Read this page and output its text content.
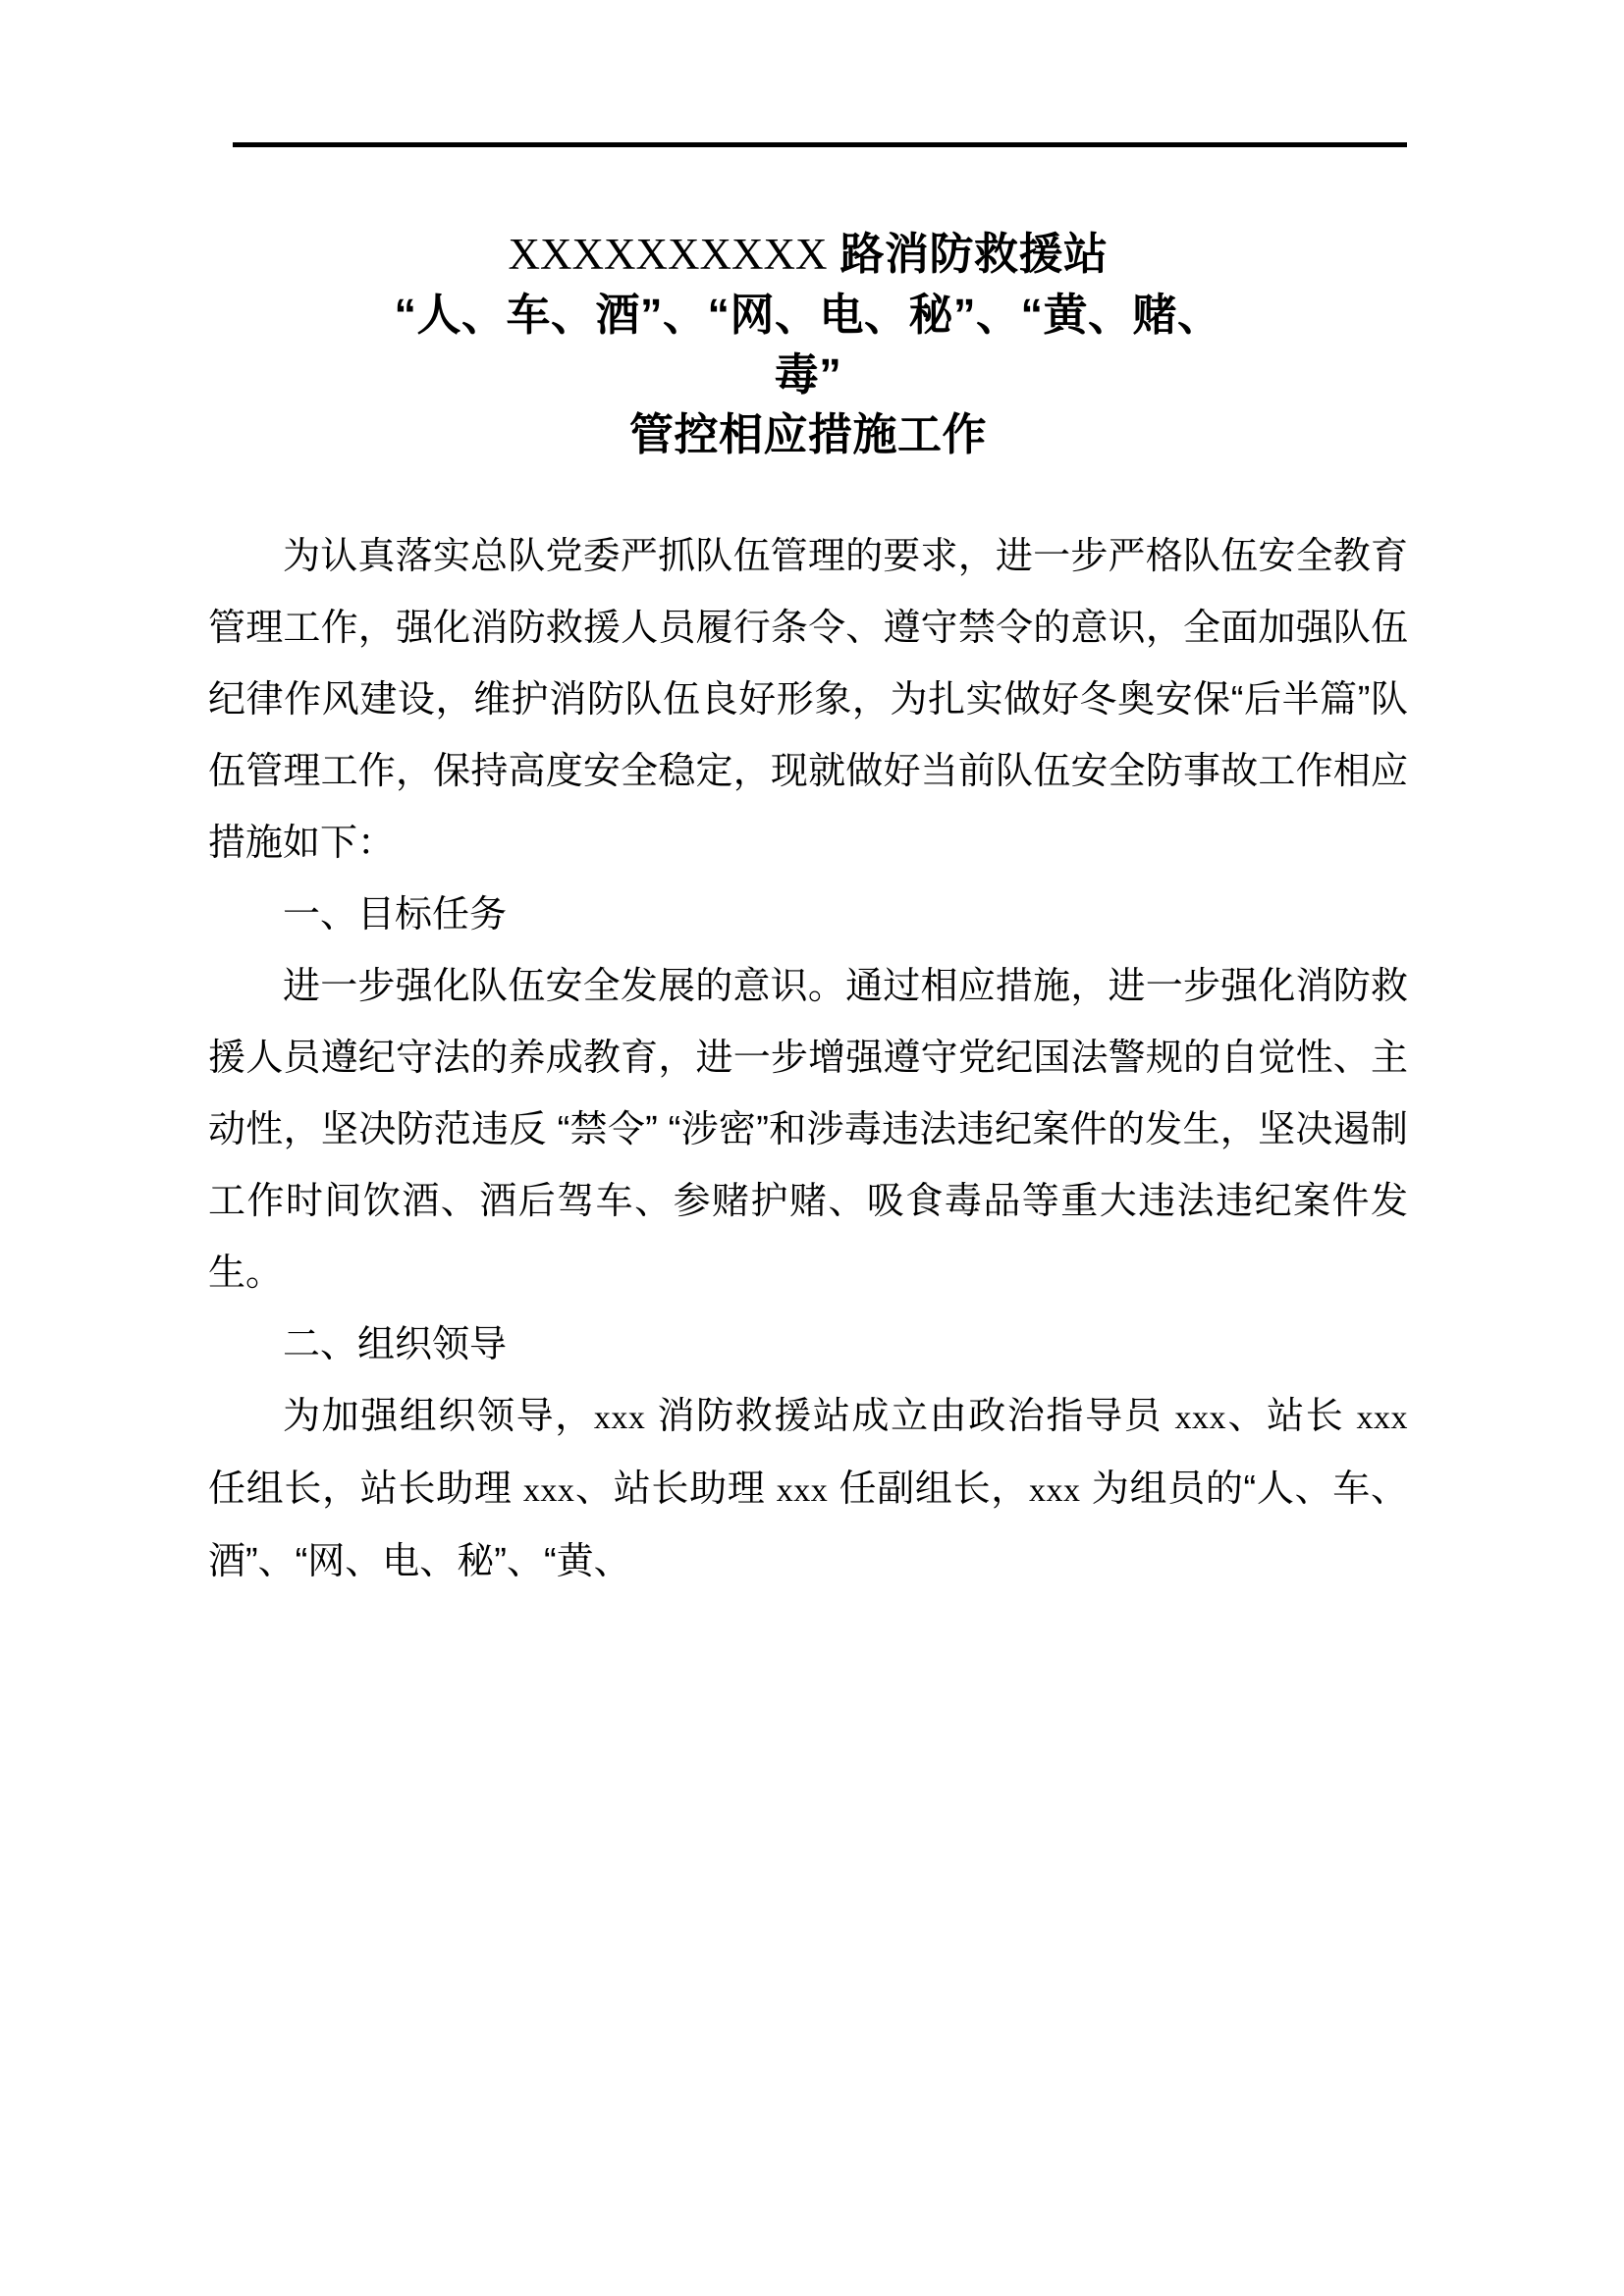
XXXXXXXXXX 路消防救援站
“人、车、酒”、“网、电、秘”、“黄、赌、
毒”
管控相应措施工作

为认真落实总队党委严抓队伍管理的要求，进一步严格队伍安全教育管理工作，强化消防救援人员履行条令、遵守禁令的意识，全面加强队伍纪律作风建设，维护消防队伍良好形象，为扎实做好冬奥安保“后半篇”队伍管理工作，保持高度安全稳定，现就做好当前队伍安全防事故工作相应措施如下：

一、目标任务

进一步强化队伍安全发展的意识。通过相应措施，进一步强化消防救援人员遵纪守法的养成教育，进一步增强遵守党纪国法警规的自觉性、主动性，坚决防范违反 “禁令” “涉密”和涉毒违法违纪案件的发生，坚决遏制工作时间饮酒、酒后驾车、参赌护赌、吸食毒品等重大违法违纪案件发生。

二、组织领导

为加强组织领导，xxx 消防救援站成立由政治指导员 xxx、站长 xxx 任组长，站长助理 xxx、站长助理 xxx 任副组长，xxx 为组员的“人、车、酒”、“网、电、秘”、“黄、
